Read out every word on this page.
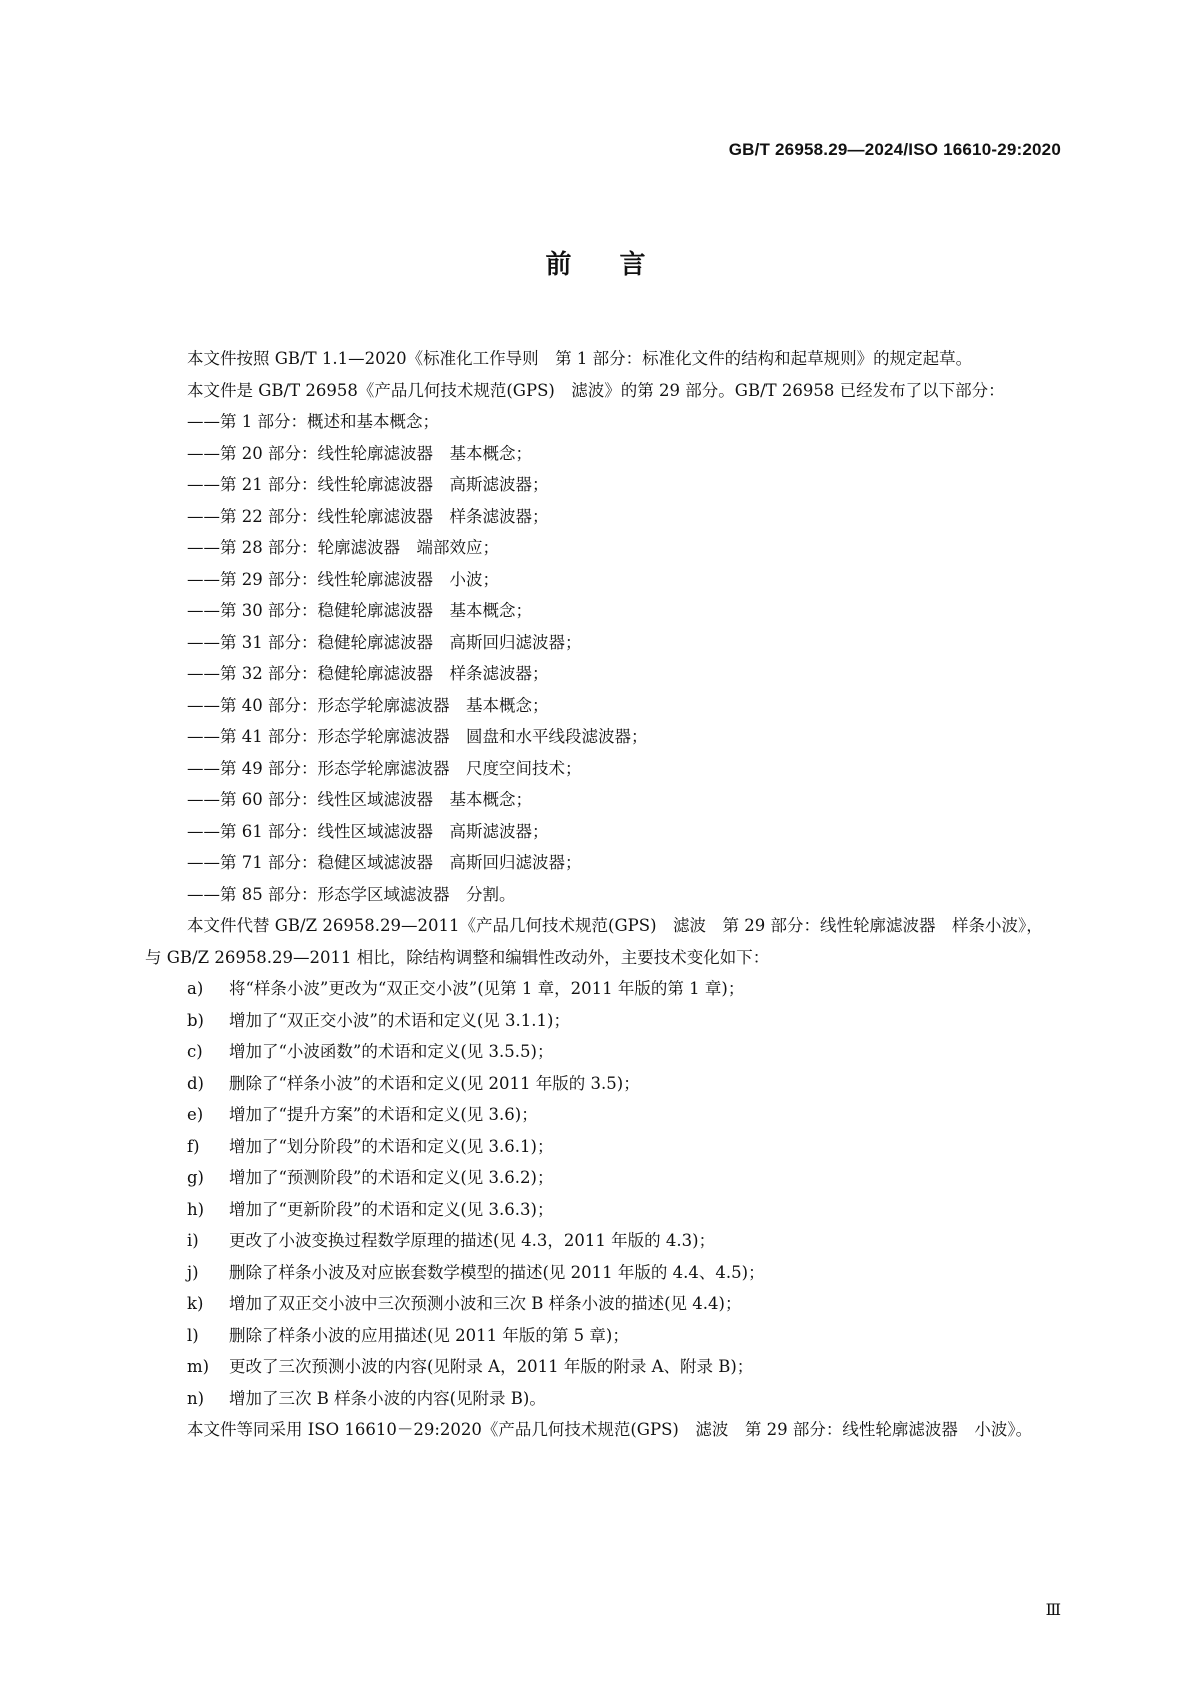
GB/T 26958.29—2024/ISO 16610-29:2020
前言

本文件按照 GB/T 1.1—2020《标准化工作导则　第 1 部分：标准化文件的结构和起草规则》的规定起草。

本文件是 GB/T 26958《产品几何技术规范(GPS)　滤波》的第 29 部分。GB/T 26958 已经发布了以下部分：

——第 1 部分：概述和基本概念；

——第 20 部分：线性轮廓滤波器　基本概念；

——第 21 部分：线性轮廓滤波器　高斯滤波器；

——第 22 部分：线性轮廓滤波器　样条滤波器；

——第 28 部分：轮廓滤波器　端部效应；

——第 29 部分：线性轮廓滤波器　小波；

——第 30 部分：稳健轮廓滤波器　基本概念；

——第 31 部分：稳健轮廓滤波器　高斯回归滤波器；

——第 32 部分：稳健轮廓滤波器　样条滤波器；

——第 40 部分：形态学轮廓滤波器　基本概念；

——第 41 部分：形态学轮廓滤波器　圆盘和水平线段滤波器；

——第 49 部分：形态学轮廓滤波器　尺度空间技术；

——第 60 部分：线性区域滤波器　基本概念；

——第 61 部分：线性区域滤波器　高斯滤波器；

——第 71 部分：稳健区域滤波器　高斯回归滤波器；

——第 85 部分：形态学区域滤波器　分割。

本文件代替 GB/Z 26958.29—2011《产品几何技术规范(GPS)　滤波　第 29 部分：线性轮廓滤波器　样条小波》，与 GB/Z 26958.29—2011 相比，除结构调整和编辑性改动外，主要技术变化如下：

a) 将“样条小波”更改为“双正交小波”(见第 1 章，2011 年版的第 1 章)；

b) 增加了“双正交小波”的术语和定义(见 3.1.1)；

c) 增加了“小波函数”的术语和定义(见 3.5.5)；

d) 删除了“样条小波”的术语和定义(见 2011 年版的 3.5)；

e) 增加了“提升方案”的术语和定义(见 3.6)；

f) 增加了“划分阶段”的术语和定义(见 3.6.1)；

g) 增加了“预测阶段”的术语和定义(见 3.6.2)；

h) 增加了“更新阶段”的术语和定义(见 3.6.3)；

i) 更改了小波变换过程数学原理的描述(见 4.3，2011 年版的 4.3)；

j) 删除了样条小波及对应嵌套数学模型的描述(见 2011 年版的 4.4、4.5)；

k) 增加了双正交小波中三次预测小波和三次 B 样条小波的描述(见 4.4)；

l) 删除了样条小波的应用描述(见 2011 年版的第 5 章)；

m) 更改了三次预测小波的内容(见附录 A，2011 年版的附录 A、附录 B)；

n) 增加了三次 B 样条小波的内容(见附录 B)。

本文件等同采用 ISO 16610－29:2020《产品几何技术规范(GPS)　滤波　第 29 部分：线性轮廓滤波器　小波》。

Ⅲ
